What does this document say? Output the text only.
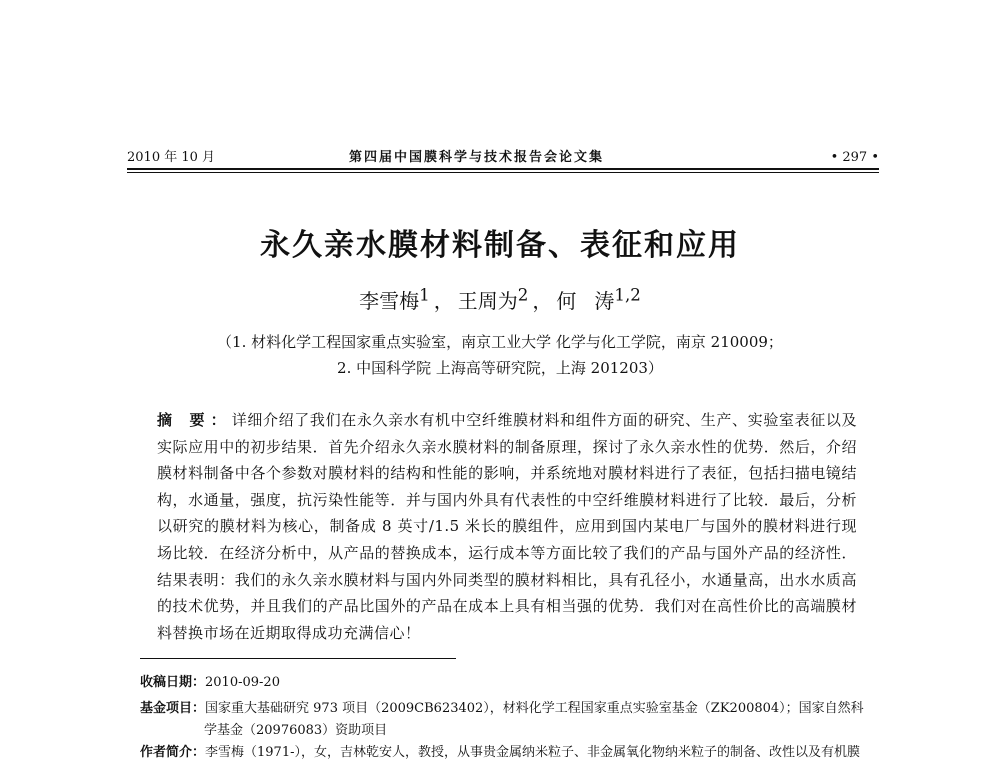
2010 年 10 月	第四届中国膜科学与技术报告会论文集	• 297 •
永久亲水膜材料制备、表征和应用
李雪梅$^1$ ， 王周为$^2$ ， 何 涛$^{1,2}$
（1. 材料化学工程国家重点实验室，南京工业大学 化学与化工学院，南京 210009；
2. 中国科学院 上海高等研究院，上海 201203）
摘 要：详细介绍了我们在永久亲水有机中空纤维膜材料和组件方面的研究、生产、实验室表征以及实际应用中的初步结果．首先介绍永久亲水膜材料的制备原理，探讨了永久亲水性的优势．然后，介绍膜材料制备中各个参数对膜材料的结构和性能的影响，并系统地对膜材料进行了表征，包括扫描电镜结构，水通量，强度，抗污染性能等．并与国内外具有代表性的中空纤维膜材料进行了比较．最后，分析以研究的膜材料为核心，制备成 8 英寸/1.5 米长的膜组件，应用到国内某电厂与国外的膜材料进行现场比较．在经济分析中，从产品的替换成本，运行成本等方面比较了我们的产品与国外产品的经济性．结果表明：我们的永久亲水膜材料与国内外同类型的膜材料相比，具有孔径小，水通量高，出水水质高的技术优势，并且我们的产品比国外的产品在成本上具有相当强的优势．我们对在高性价比的高端膜材料替换市场在近期取得成功充满信心！
收稿日期：2010-09-20
基金项目：国家重大基础研究 973 项目（2009CB623402），材料化学工程国家重点实验室基金（ZK200804）；国家自然科
学基金（20976083）资助项目
作者简介：李雪梅（1971-），女，吉林乾安人，教授，从事贵金属纳米粒子、非金属氧化物纳米粒子的制备、改性以及有机膜
